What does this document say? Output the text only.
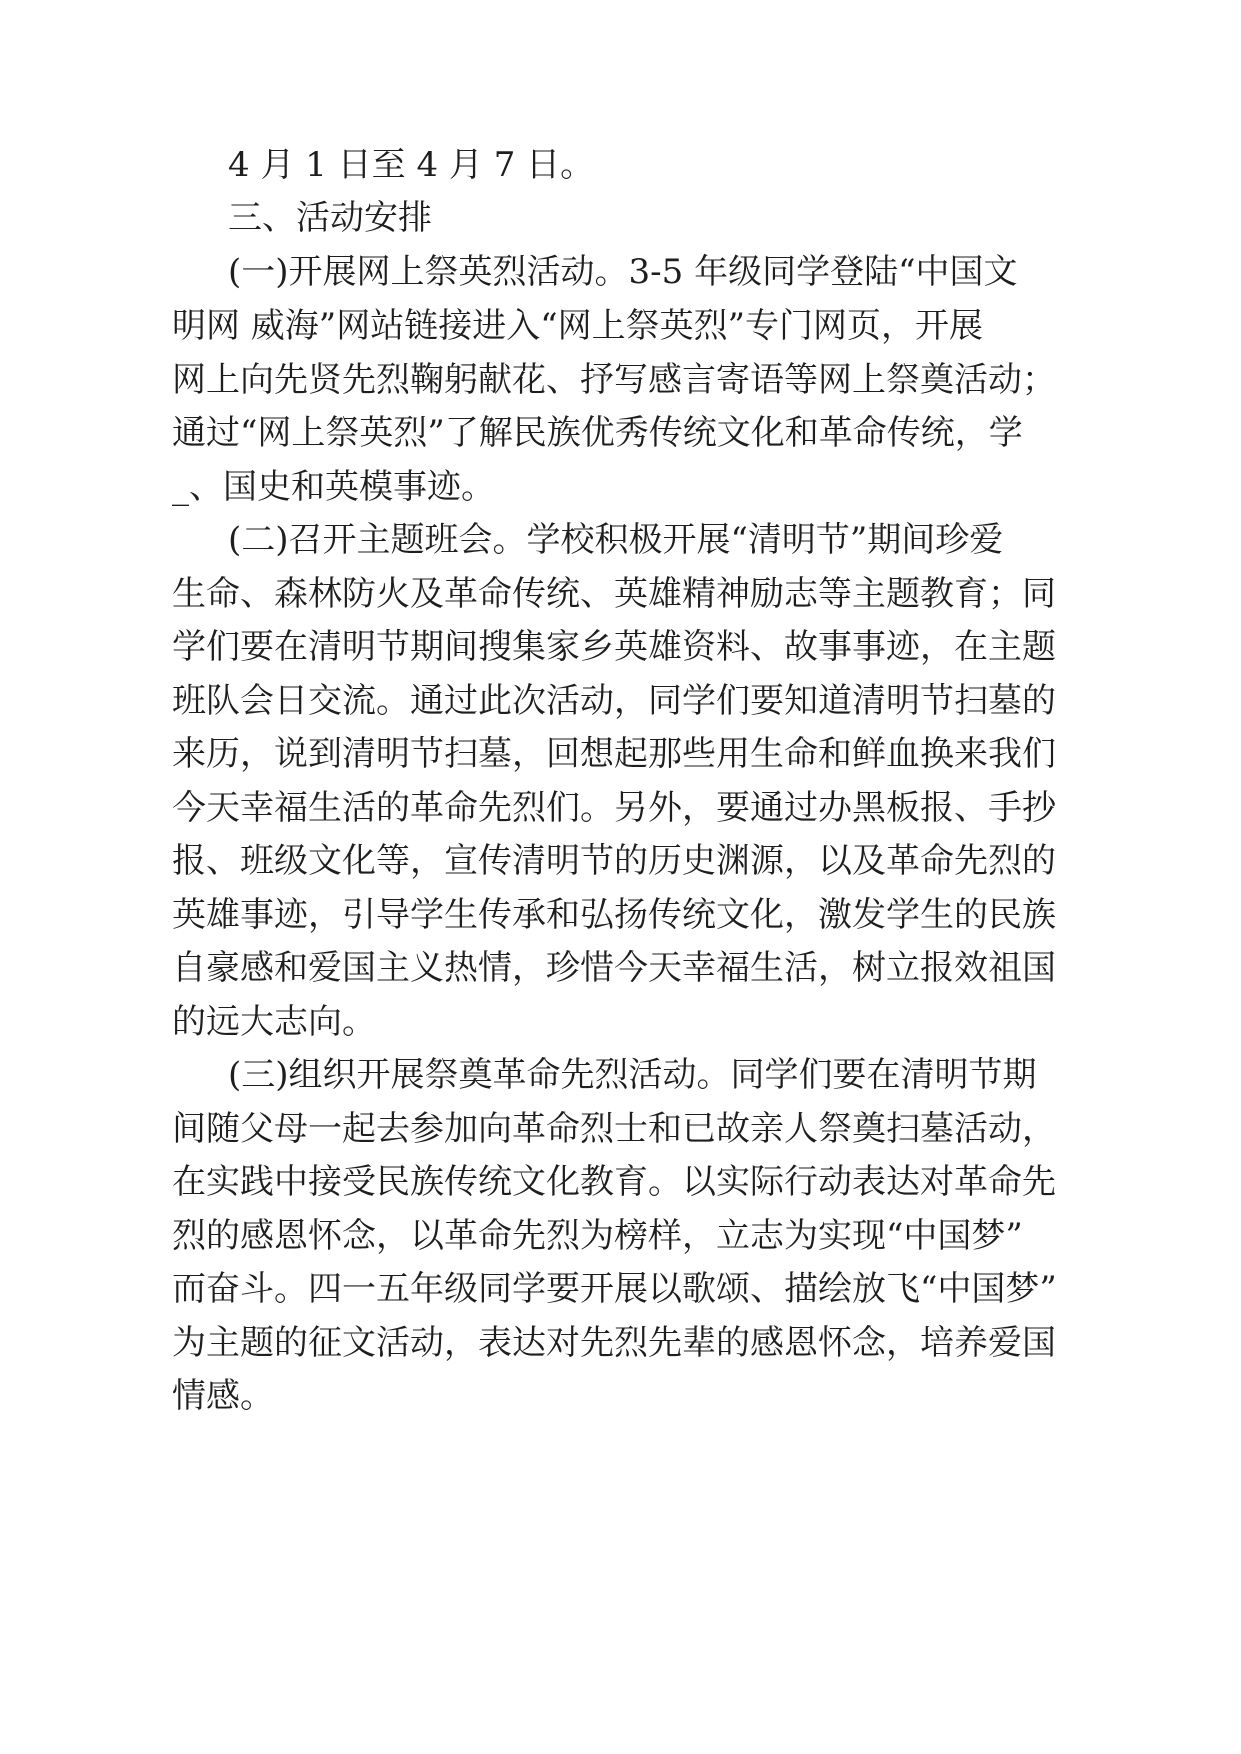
4 月 1 日至 4 月 7 日。
三、活动安排
(一)开展网上祭英烈活动。3-5 年级同学登陆“中国文
明网 威海”网站链接进入“网上祭英烈”专门网页，开展
网上向先贤先烈鞠躬献花、抒写感言寄语等网上祭奠活动；
通过“网上祭英烈”了解民族优秀传统文化和革命传统，学
_、国史和英模事迹。
(二)召开主题班会。学校积极开展“清明节”期间珍爱
生命、森林防火及革命传统、英雄精神励志等主题教育；同
学们要在清明节期间搜集家乡英雄资料、故事事迹，在主题
班队会日交流。通过此次活动，同学们要知道清明节扫墓的
来历，说到清明节扫墓，回想起那些用生命和鲜血换来我们
今天幸福生活的革命先烈们。另外，要通过办黑板报、手抄
报、班级文化等，宣传清明节的历史渊源，以及革命先烈的
英雄事迹，引导学生传承和弘扬传统文化，激发学生的民族
自豪感和爱国主义热情，珍惜今天幸福生活，树立报效祖国
的远大志向。
(三)组织开展祭奠革命先烈活动。同学们要在清明节期
间随父母一起去参加向革命烈士和已故亲人祭奠扫墓活动，
在实践中接受民族传统文化教育。以实际行动表达对革命先
烈的感恩怀念，以革命先烈为榜样，立志为实现“中国梦”
而奋斗。四一五年级同学要开展以歌颂、描绘放飞“中国梦”
为主题的征文活动，表达对先烈先辈的感恩怀念，培养爱国
情感。
